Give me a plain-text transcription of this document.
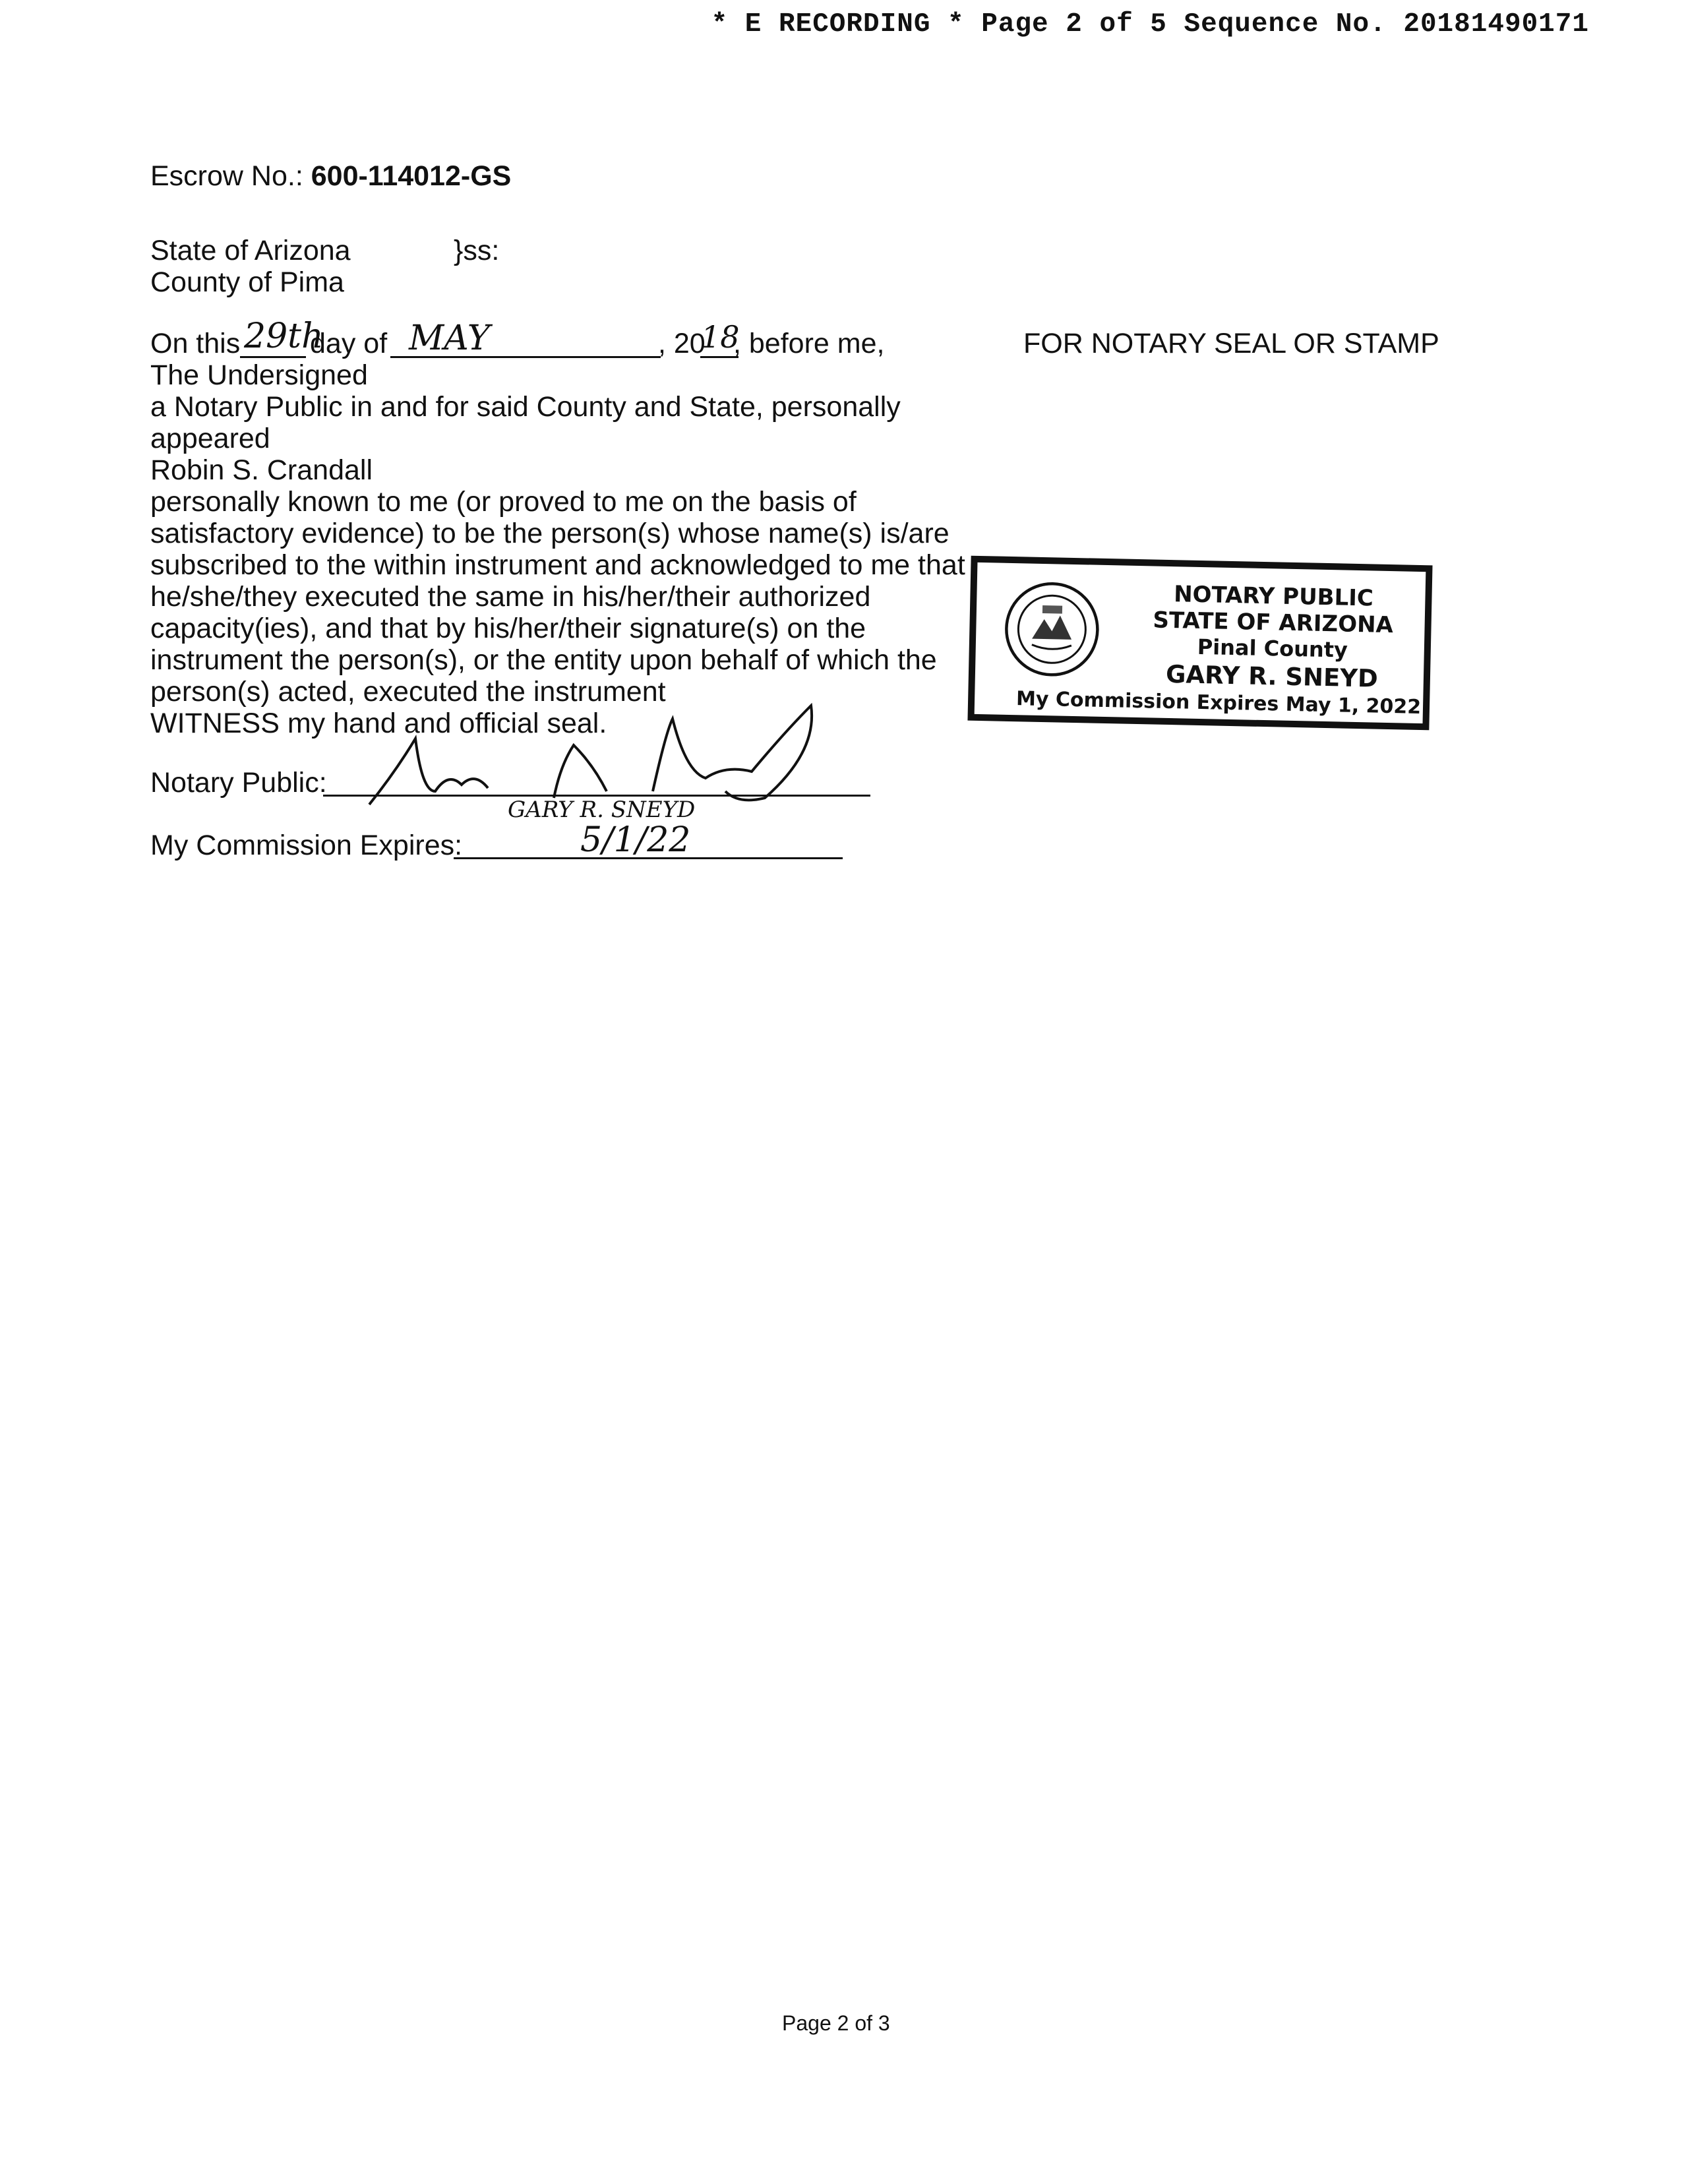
* E RECORDING * Page 2 of 5 Sequence No. 20181490171
Escrow No.: 600-114012-GS
State of Arizona	}ss:
County of Pima
On this 29th
day of MAY	, 20
18
, before me,
The Undersigned
a Notary Public in and for said County and State, personally
appeared
Robin S. Crandall
personally known to me (or proved to me on the basis of
satisfactory evidence) to be the person(s) whose name(s) is/are
subscribed to the within instrument and acknowledged to me that
he/she/they executed the same in his/her/their authorized
capacity(ies), and that by his/her/their signature(s) on the
instrument the person(s), or the entity upon behalf of which the
person(s) acted, executed the instrument
WITNESS my hand and official seal.
FOR NOTARY SEAL OR STAMP
NOTARY PUBLIC
STATE OF ARIZONA
Pinal County
GARY R. SNEYD
My Commission Expires May 1, 2022
Notary Public:
GARY R. SNEYD
My Commission Expires:	5/1/22
Page 2 of 3
